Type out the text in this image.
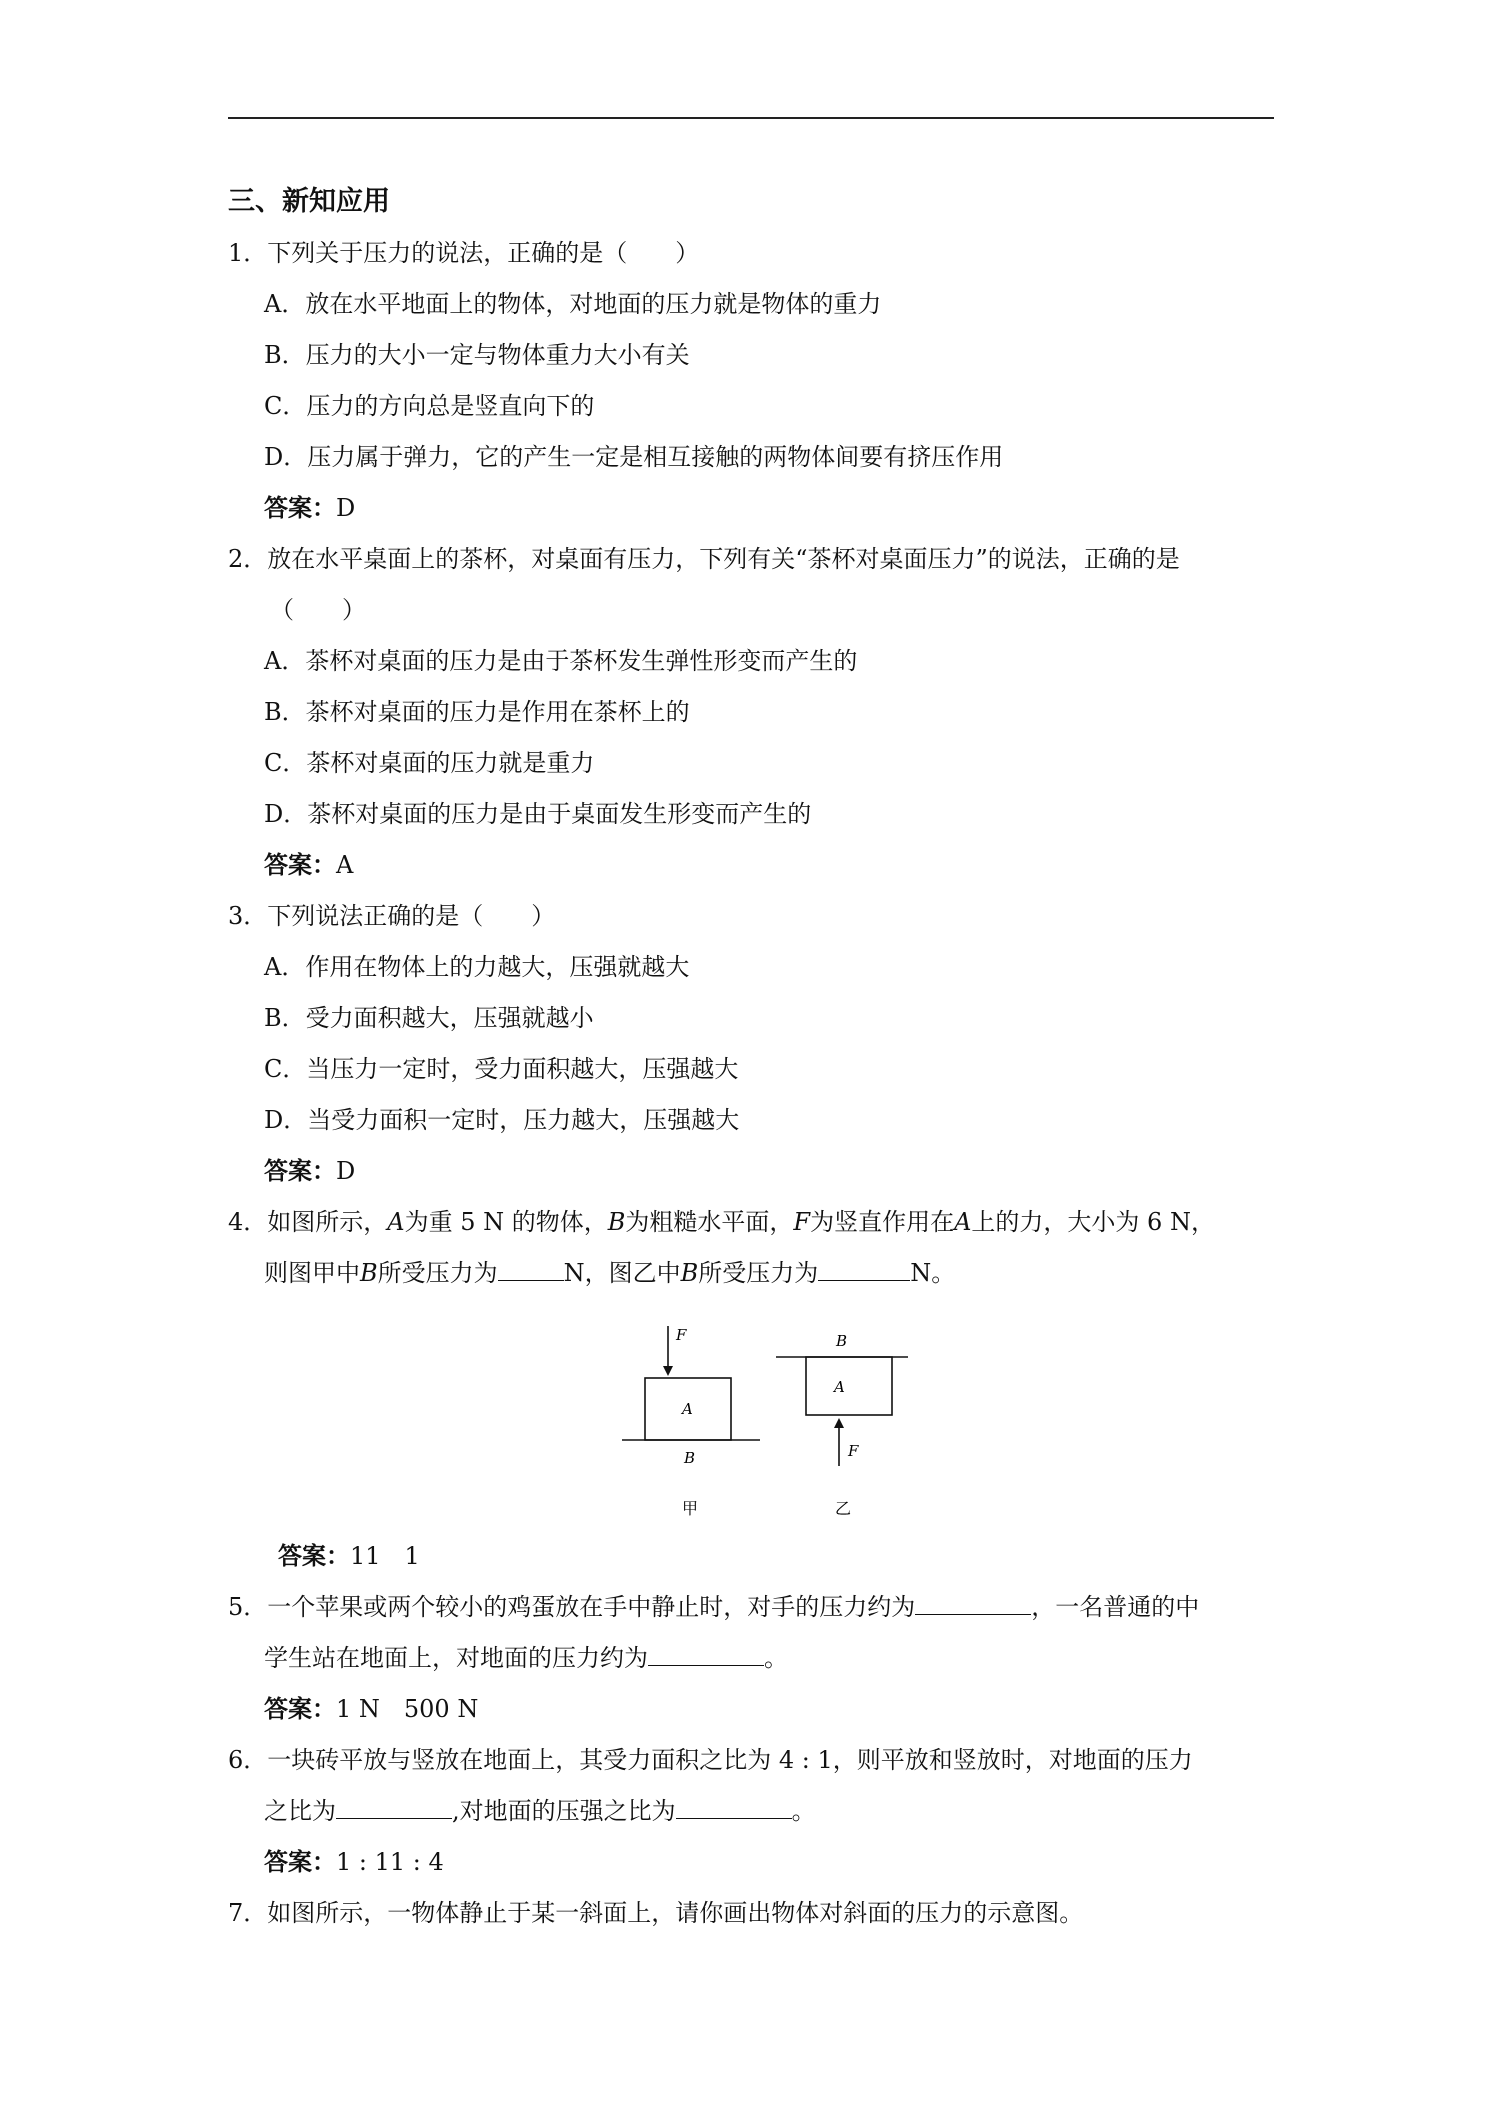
三、新知应用
1．下列关于压力的说法，正确的是（　　）
A．放在水平地面上的物体，对地面的压力就是物体的重力
B．压力的大小一定与物体重力大小有关
C．压力的方向总是竖直向下的
D．压力属于弹力，它的产生一定是相互接触的两物体间要有挤压作用
答案：D
2．放在水平桌面上的茶杯，对桌面有压力，下列有关“茶杯对桌面压力”的说法，正确的是
（　　）
A．茶杯对桌面的压力是由于茶杯发生弹性形变而产生的
B．茶杯对桌面的压力是作用在茶杯上的
C．茶杯对桌面的压力就是重力
D．茶杯对桌面的压力是由于桌面发生形变而产生的
答案：A
3．下列说法正确的是（　　）
A．作用在物体上的力越大，压强就越大
B．受力面积越大，压强就越小
C．当压力一定时，受力面积越大，压强越大
D．当受力面积一定时，压力越大，压强越大
答案：D
4．如图所示，A为重 5 N 的物体，B为粗糙水平面，F为竖直作用在A上的力，大小为 6 N，
则图甲中B所受压力为	N，图乙中B所受压力为	N。
F
A
B
甲
B
A
F
乙
答案：11　1
5．一个苹果或两个较小的鸡蛋放在手中静止时，对手的压力约为	，一名普通的中
学生站在地面上，对地面的压力约为	。
答案：1 N　500 N
6．一块砖平放与竖放在地面上，其受力面积之比为 4 : 1，则平放和竖放时，对地面的压力
之比为	,对地面的压强之比为	。
答案：1 : 11 : 4
7．如图所示，一物体静止于某一斜面上，请你画出物体对斜面的压力的示意图。
